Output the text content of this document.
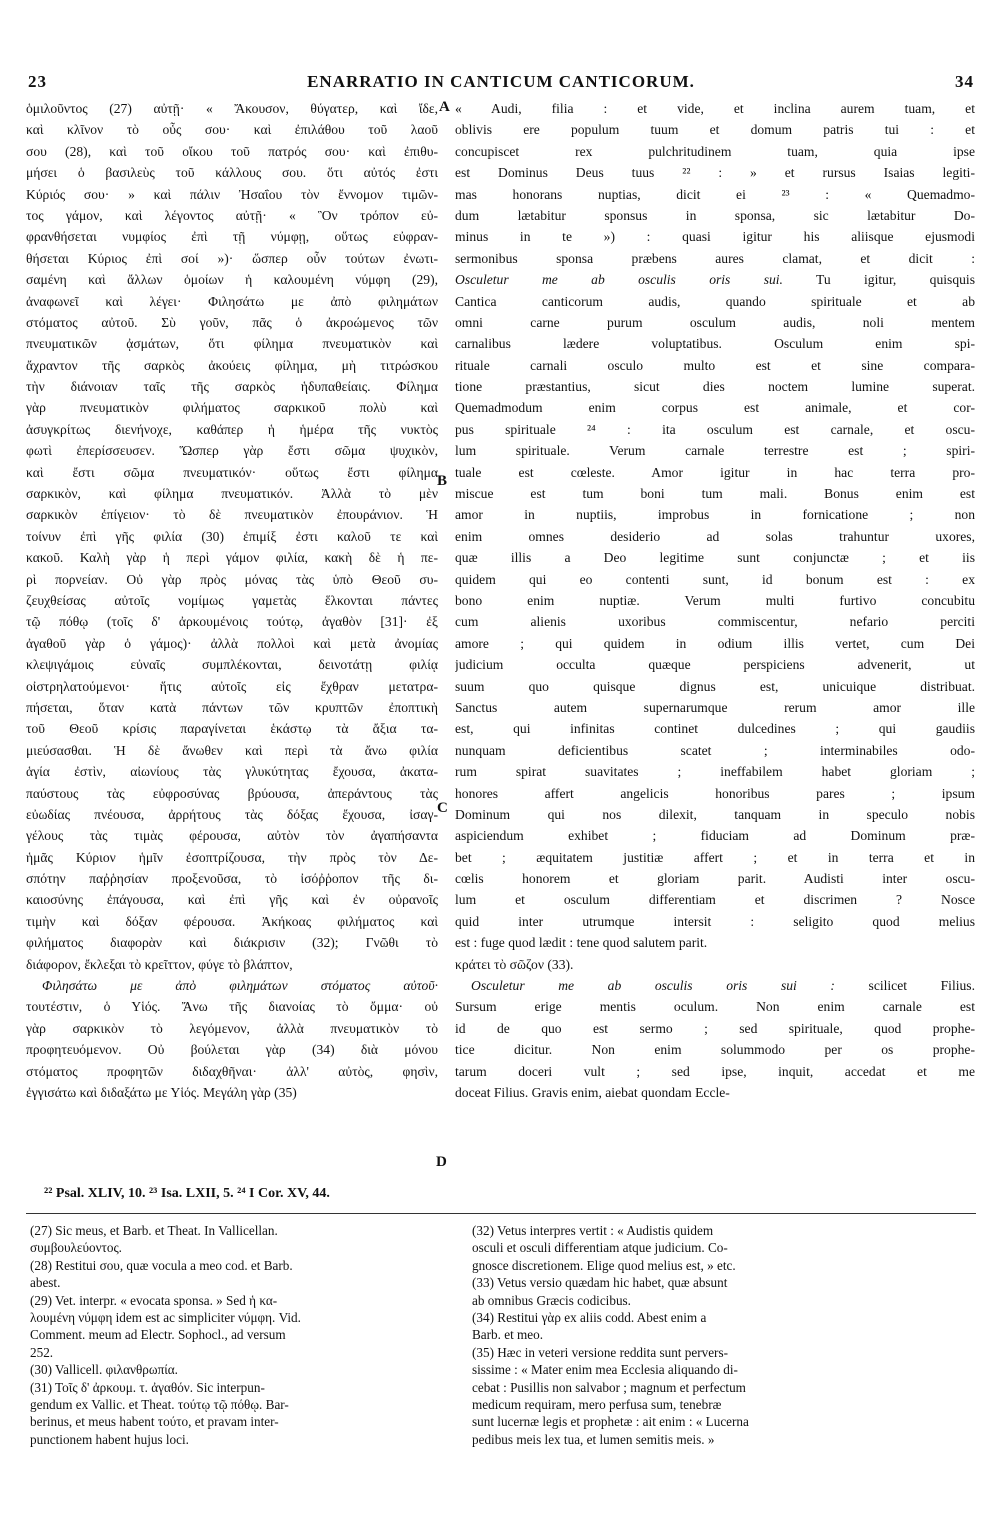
23	ENARRATIO IN CANTICUM CANTICORUM.	34
ὁμιλοῦντος (27) αὐτῇ· « Ἄκουσον, θύγατερ, καὶ ἴδε,
καὶ κλῖνον τὸ οὖς σου· καὶ ἐπιλάθου τοῦ λαοῦ
σου (28), καὶ τοῦ οἴκου τοῦ πατρός σου· καὶ ἐπιθυ-
μήσει ὁ βασιλεὺς τοῦ κάλλους σου. ὅτι αὐτός ἐστι
Κύριός σου· » καὶ πάλιν Ἠσαΐου τὸν ἔννομον τιμῶν-
τος γάμον, καὶ λέγοντος αὐτῇ· « Ὃν τρόπον εὐ-
φρανθήσεται νυμφίος ἐπὶ τῇ νύμφῃ, οὕτως εὐφραν-
θήσεται Κύριος ἐπὶ σοί »)· ὥσπερ οὖν τούτων ἐνωτι-
σαμένη καὶ ἄλλων ὁμοίων ἡ καλουμένη νύμφη (29),
ἀναφωνεῖ καὶ λέγει· Φιλησάτω με ἀπὸ φιλημάτων
στόματος αὐτοῦ. Σὺ γοῦν, πᾶς ὁ ἀκροώμενος τῶν
πνευματικῶν ᾀσμάτων, ὅτι φίλημα πνευματικὸν καὶ
ἄχραντον τῆς σαρκὸς ἀκούεις φίλημα, μὴ τιτρώσκου
τὴν διάνοιαν ταῖς τῆς σαρκὸς ἡδυπαθείαις. Φίλημα
γὰρ πνευματικὸν φιλήματος σαρκικοῦ πολὺ καὶ
ἀσυγκρίτως διενήνοχε, καθάπερ ἡ ἡμέρα τῆς νυκτὸς
φωτὶ ἐπερίσσευσεν. Ὥσπερ γὰρ ἔστι σῶμα ψυχικὸν,
καὶ ἔστι σῶμα πνευματικόν· οὕτως ἔστι φίλημα
σαρκικὸν, καὶ φίλημα πνευματικόν. Ἀλλὰ τὸ μὲν
σαρκικὸν ἐπίγειον· τὸ δὲ πνευματικὸν ἐπουράνιον. Ἡ
τοίνυν ἐπὶ γῆς φιλία (30) ἐπιμίξ ἐστι καλοῦ τε καὶ
κακοῦ. Καλὴ γὰρ ἡ περὶ γάμον φιλία, κακὴ δὲ ἡ πε-
ρὶ πορνείαν. Οὐ γὰρ πρὸς μόνας τὰς ὑπὸ Θεοῦ συ-
ζευχθείσας αὐτοῖς νομίμως γαμετὰς ἕλκονται πάντες
τῷ πόθῳ (τοῖς δ' ἀρκουμένοις τούτῳ, ἀγαθὸν [31]· ἐξ
ἀγαθοῦ γὰρ ὁ γάμος)· ἀλλὰ πολλοὶ καὶ μετὰ ἀνομίας
κλεψιγάμοις εὐναῖς συμπλέκονται, δεινοτάτῃ φιλίᾳ
οἰστρηλατούμενοι· ἥτις αὐτοῖς εἰς ἔχθραν μετατρα-
πήσεται, ὅταν κατὰ πάντων τῶν κρυπτῶν ἐποπτικὴ
τοῦ Θεοῦ κρίσις παραγίνεται ἑκάστῳ τὰ ἄξια τα-
μιεύσασθαι. Ἡ δὲ ἄνωθεν καὶ περὶ τὰ ἄνω φιλία
ἁγία ἐστὶν, αἰωνίους τὰς γλυκύτητας ἔχουσα, ἀκατα-
παύστους τὰς εὐφροσύνας βρύουσα, ἀπεράντους τὰς
εὐωδίας πνέουσα, ἀρρήτους τὰς δόξας ἔχουσα, ἰσαγ-
γέλους τὰς τιμὰς φέρουσα, αὐτὸν τὸν ἀγαπήσαντα
ἡμᾶς Κύριον ἡμῖν ἐσοπτρίζουσα, τὴν πρὸς τὸν Δε-
σπότην παῤῥησίαν προξενοῦσα, τὸ ἰσόῤῥοπον τῆς δι-
καιοσύνης ἐπάγουσα, καὶ ἐπὶ γῆς καὶ ἐν οὐρανοῖς
τιμὴν καὶ δόξαν φέρουσα. Ἀκήκοας φιλήματος καὶ
φιλήματος διαφορὰν καὶ διάκρισιν (32); Γνῶθι τὸ
διάφορον, ἔκλεξαι τὸ κρεῖττον, φύγε τὸ βλάπτον,
Φιλησάτω με ἀπὸ φιλημάτων στόματος αὐτοῦ·
τουτέστιν, ὁ Υἱός. Ἄνω τῆς διανοίας τὸ ὄμμα· οὐ
γὰρ σαρκικὸν τὸ λεγόμενον, ἀλλὰ πνευματικὸν τὸ
προφητευόμενον. Οὐ βούλεται γὰρ (34) διὰ μόνου
στόματος προφητῶν διδαχθῆναι· ἀλλ' αὐτὸς, φησὶν,
ἐγγισάτω καὶ διδαξάτω με Υἱός. Μεγάλη γὰρ (35)
« Audi, filia : et vide, et inclina aurem tuam, et
oblivis ere populum tuum et domum patris tui : et
concupiscet rex pulchritudinem tuam, quia ipse
est Dominus Deus tuus ²² : » et rursus Isaias legiti-
mas honorans nuptias, dicit ei ²³ : « Quemadmo-
dum lætabitur sponsus in sponsa, sic lætabitur Do-
minus in te ») : quasi igitur his aliisque ejusmodi
sermonibus sponsa præbens aures clamat, et dicit :
Osculetur me ab osculis oris sui. Tu igitur, quisquis
Cantica canticorum audis, quando spirituale et ab
omni carne purum osculum audis, noli mentem
carnalibus lædere voluptatibus. Osculum enim spi-
rituale carnali osculo multo est et sine compara-
tione præstantius, sicut dies noctem lumine superat.
Quemadmodum enim corpus est animale, et cor-
pus spirituale ²⁴ : ita osculum est carnale, et oscu-
lum spirituale. Verum carnale terrestre est ; spiri-
tuale est cœleste. Amor igitur in hac terra pro-
miscue est tum boni tum mali. Bonus enim est
amor in nuptiis, improbus in fornicatione ; non
enim omnes desiderio ad solas trahuntur uxores,
quæ illis a Deo legitime sunt conjunctæ ; et iis
quidem qui eo contenti sunt, id bonum est : ex
bono enim nuptiæ. Verum multi furtivo concubitu
cum alienis uxoribus commiscentur, nefario perciti
amore ; qui quidem in odium illis vertet, cum Dei
judicium occulta quæque perspiciens advenerit, ut
suum quo quisque dignus est, unicuique distribuat.
Sanctus autem supernarumque rerum amor ille
est, qui infinitas continet dulcedines ; qui gaudiis
nunquam deficientibus scatet ; interminabiles odo-
rum spirat suavitates ; ineffabilem habet gloriam ;
honores affert angelicis honoribus pares ; ipsum
Dominum qui nos dilexit, tanquam in speculo nobis
aspiciendum exhibet ; fiduciam ad Dominum præ-
bet ; æquitatem justitiæ affert ; et in terra et in
cœlis honorem et gloriam parit. Audisti inter oscu-
lum et osculum differentiam et discrimen ? Nosce
quid inter utrumque intersit : seligito quod melius
est : fuge quod lædit : tene quod salutem parit.
κράτει τὸ σῶζον (33).
Osculetur me ab osculis oris sui : scilicet Filius.
Sursum erige mentis oculum. Non enim carnale est
id de quo est sermo ; sed spirituale, quod prophe-
tice dicitur. Non enim solummodo per os prophe-
tarum doceri vult ; sed ipse, inquit, accedat et me
doceat Filius. Gravis enim, aiebat quondam Eccle-
A
B
C
D
²² Psal. XLIV, 10. ²³ Isa. LXII, 5. ²⁴ I Cor. XV, 44.
(27) Sic meus, et Barb. et Theat. In Vallicellan.
συμβουλεύοντος.
(28) Restitui σου, quæ vocula a meo cod. et Barb.
abest.
(29) Vet. interpr. « evocata sponsa. » Sed ἡ κα-
λουμένη νύμφη idem est ac simpliciter νύμφη. Vid.
Comment. meum ad Electr. Sophocl., ad versum
252.
(30) Vallicell. φιλανθρωπία.
(31) Τοῖς δ' ἀρκουμ. τ. ἀγαθόν. Sic interpun-
gendum ex Vallic. et Theat. τούτῳ τῷ πόθῳ. Bar-
berinus, et meus habent τούτο, et pravam inter-
punctionem habent hujus loci.
(32) Vetus interpres vertit : « Audistis quidem
osculi et osculi differentiam atque judicium. Co-
gnosce discretionem. Elige quod melius est, » etc.
(33) Vetus versio quædam hic habet, quæ absunt
ab omnibus Græcis codicibus.
(34) Restitui γὰρ ex aliis codd. Abest enim a
Barb. et meo.
(35) Hæc in veteri versione reddita sunt pervers-
sissime : « Mater enim mea Ecclesia aliquando di-
cebat : Pusillis non salvabor ; magnum et perfectum
medicum requiram, mero perfusa sum, tenebræ
sunt lucernæ legis et prophetæ : ait enim : « Lucerna
pedibus meis lex tua, et lumen semitis meis. »
